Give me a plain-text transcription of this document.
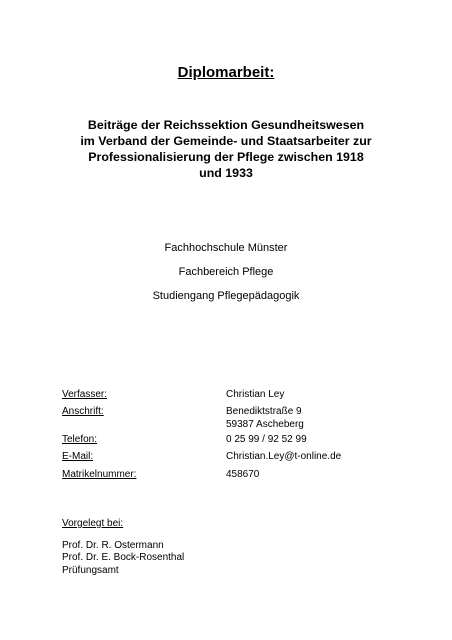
Diplomarbeit:
Beiträge der Reichssektion Gesundheitswesen
im Verband der Gemeinde- und Staatsarbeiter zur
Professionalisierung der Pflege zwischen 1918
und 1933
Fachhochschule Münster
Fachbereich Pflege
Studiengang Pflegepädagogik
Verfasser:	Christian Ley
Anschrift:	Benediktstraße 9
59387 Ascheberg
Telefon:	0 25 99 / 92 52 99
E-Mail:	Christian.Ley@t-online.de
Matrikelnummer:	458670
Vorgelegt bei:
Prof. Dr. R. Ostermann
Prof. Dr. E. Bock-Rosenthal
Prüfungsamt
